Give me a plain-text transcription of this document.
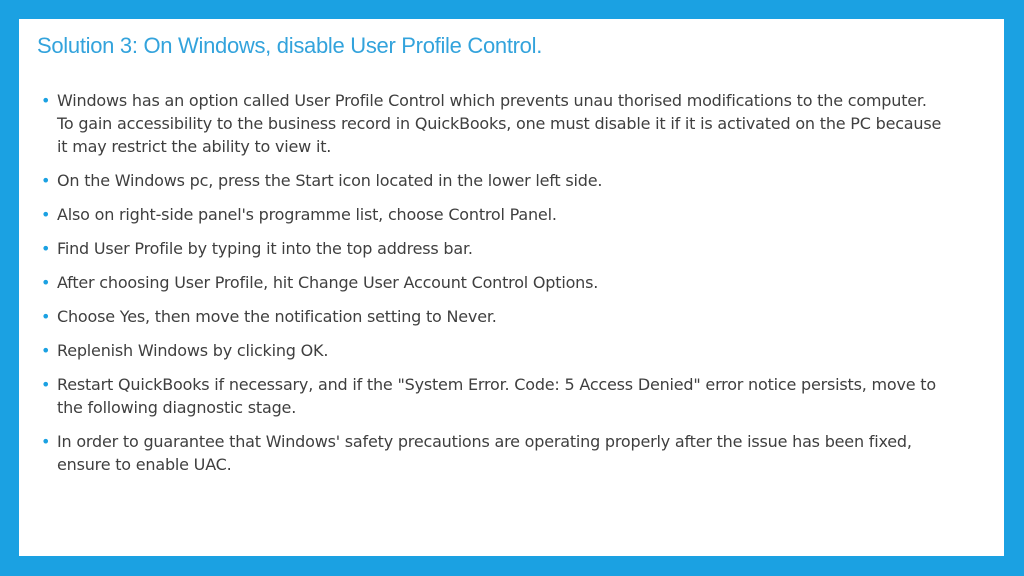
Solution 3: On Windows, disable User Profile Control.
• Windows has an option called User Profile Control which prevents unau thorised modifications to the computer. To gain accessibility to the business record in QuickBooks, one must disable it if it is activated on the PC because it may restrict the ability to view it.
• On the Windows pc, press the Start icon located in the lower left side.
• Also on right-side panel's programme list, choose Control Panel.
• Find User Profile by typing it into the top address bar.
• After choosing User Profile, hit Change User Account Control Options.
• Choose Yes, then move the notification setting to Never.
• Replenish Windows by clicking OK.
• Restart QuickBooks if necessary, and if the "System Error. Code: 5 Access Denied" error notice persists, move to the following diagnostic stage.
• In order to guarantee that Windows' safety precautions are operating properly after the issue has been fixed, ensure to enable UAC.
